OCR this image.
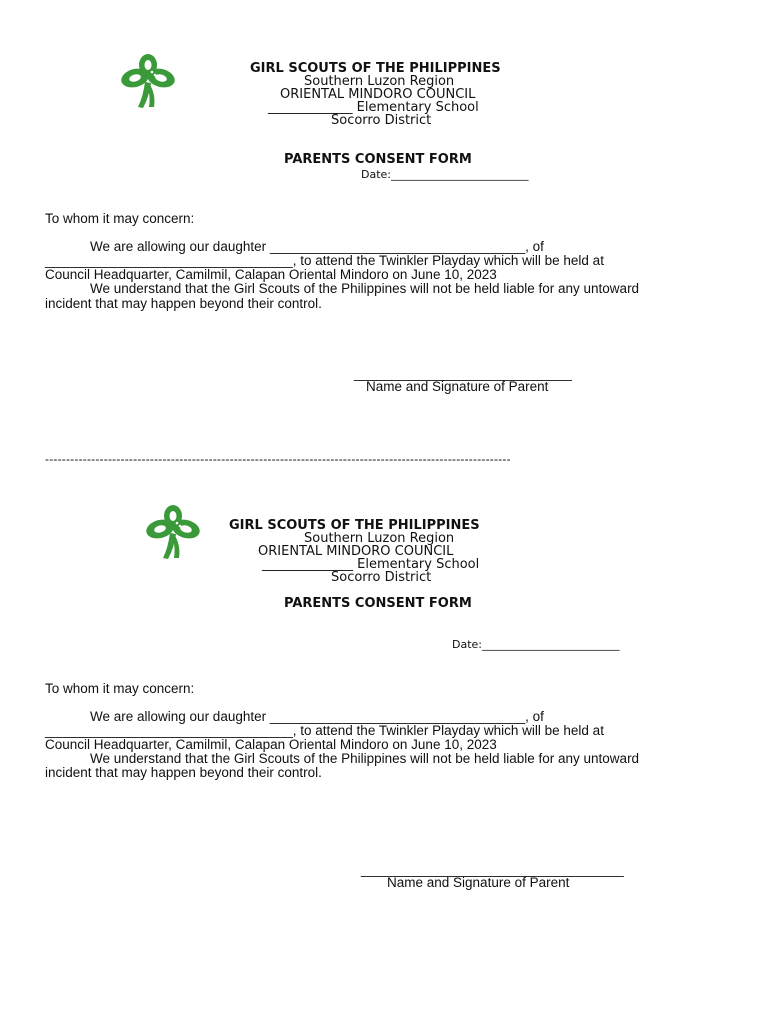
GIRL SCOUTS OF THE PHILIPPINES
Southern Luzon Region
ORIENTAL MINDORO COUNCIL
_____________ Elementary School
Socorro District
PARENTS CONSENT FORM
Date:_________________________
To whom it may concern:
We are allowing our daughter __________________________________, of
_________________________________, to attend the Twinkler Playday which will be held at
Council Headquarter, Camilmil, Calapan Oriental Mindoro on June 10, 2023
We understand that the Girl Scouts of the Philippines will not be held liable for any untoward
incident that may happen beyond their control.
_____________________________
Name and Signature of Parent
---------------------------------------------------------------------------------------------------------------
GIRL SCOUTS OF THE PHILIPPINES
Southern Luzon Region
ORIENTAL MINDORO COUNCIL
______________ Elementary School
Socorro District
PARENTS CONSENT FORM
Date:_________________________
To whom it may concern:
We are allowing our daughter __________________________________, of
_________________________________, to attend the Twinkler Playday which will be held at
Council Headquarter, Camilmil, Calapan Oriental Mindoro on June 10, 2023
We understand that the Girl Scouts of the Philippines will not be held liable for any untoward
incident that may happen beyond their control.
___________________________________
Name and Signature of Parent
